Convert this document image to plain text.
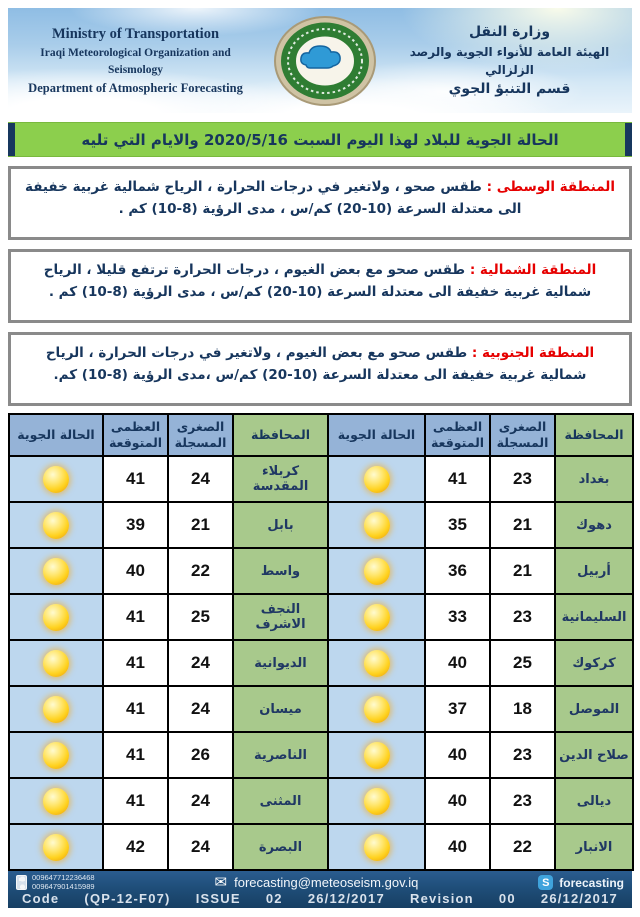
Ministry of Transportation
Iraqi Meteorological Organization and Seismology
Department of Atmospheric Forecasting
وزارة النقل
الهيئة العامة للأنواء الجوية والرصد الزلزالي
قسم التنبؤ الجوي
الحالة الجوية للبلاد لهذا اليوم السبت 2020/5/16 والايام التي تليه
المنطقة الوسطى : طقس صحو ، ولاتغير في درجات الحرارة ، الرياح شمالية غربية خفيفة الى معتدلة السرعة (10-20) كم/س ، مدى الرؤية (8-10) كم .
المنطقة الشمالية : طقس صحو مع بعض الغيوم ، درجات الحرارة ترتفع قليلا ، الرياح شمالية غربية خفيفة الى معتدلة السرعة (10-20) كم/س ، مدى الرؤية (8-10) كم .
المنطقة الجنوبية : طقس صحو مع بعض الغيوم ، ولاتغير في درجات الحرارة ، الرياح شمالية غربية خفيفة الى معتدلة السرعة (10-20) كم/س ،مدى الرؤية (8-10) كم.
المحافظة	الصغرى المسجلة	العظمى المتوقعة	الحالة الجوية	المحافظة	الصغرى المسجلة	العظمى المتوقعة	الحالة الجوية
بغداد	23	41		كربلاء المقدسة	24	41	
دهوك	21	35		بابل	21	39	
أربيل	21	36		واسط	22	40	
السليمانية	23	33		النجف الاشرف	25	41	
كركوك	25	40		الديوانية	24	41	
الموصل	18	37		ميسان	24	41	
صلاح الدين	23	40		الناصرية	26	41	
ديالى	23	40		المثنى	24	41	
الانبار	22	40		البصرة	24	42	
009647712236468
009647901415989	✉ forecasting@meteoseism.gov.iq	S forecasting
Code (QP-12-F07) ISSUE 02 26/12/2017 Revision 00 26/12/2017
